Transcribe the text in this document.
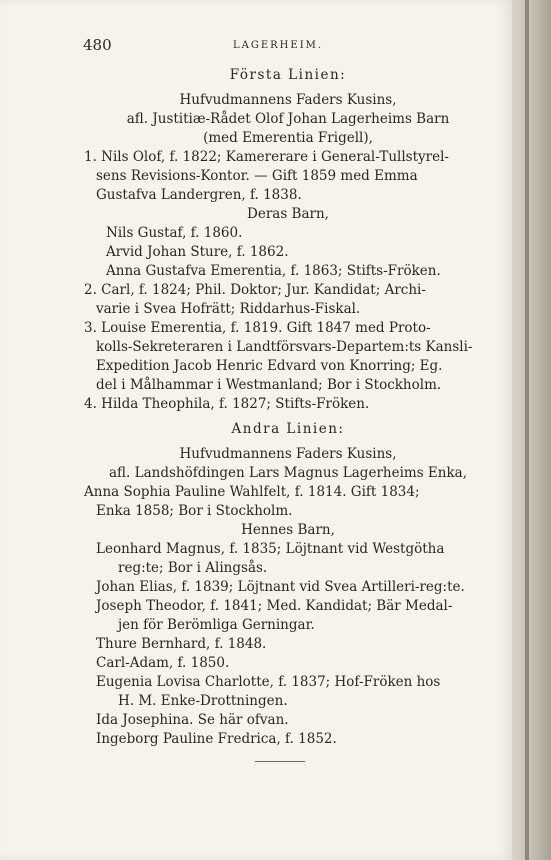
480	LAGERHEIM.
Första Linien:
Hufvudmannens Faders Kusins,
afl. Justitiæ-Rådet Olof Johan Lagerheims Barn
(med Emerentia Frigell),
1. Nils Olof, f. 1822; Kamererare i General-Tullstyrel-
sens Revisions-Kontor. — Gift 1859 med Emma
Gustafva Landergren, f. 1838.
Deras Barn,
Nils Gustaf, f. 1860.
Arvid Johan Sture, f. 1862.
Anna Gustafva Emerentia, f. 1863; Stifts-Fröken.
2. Carl, f. 1824; Phil. Doktor; Jur. Kandidat; Archi-
varie i Svea Hofrätt; Riddarhus-Fiskal.
3. Louise Emerentia, f. 1819. Gift 1847 med Proto-
kolls-Sekreteraren i Landtförsvars-Departem:ts Kansli-
Expedition Jacob Henric Edvard von Knorring; Eg.
del i Målhammar i Westmanland; Bor i Stockholm.
4. Hilda Theophila, f. 1827; Stifts-Fröken.
Andra Linien:
Hufvudmannens Faders Kusins,
afl. Landshöfdingen Lars Magnus Lagerheims Enka,
Anna Sophia Pauline Wahlfelt, f. 1814. Gift 1834;
Enka 1858; Bor i Stockholm.
Hennes Barn,
Leonhard Magnus, f. 1835; Löjtnant vid Westgötha
reg:te; Bor i Alingsås.
Johan Elias, f. 1839; Löjtnant vid Svea Artilleri-reg:te.
Joseph Theodor, f. 1841; Med. Kandidat; Bär Medal-
jen för Berömliga Gerningar.
Thure Bernhard, f. 1848.
Carl-Adam, f. 1850.
Eugenia Lovisa Charlotte, f. 1837; Hof-Fröken hos
H. M. Enke-Drottningen.
Ida Josephina. Se här ofvan.
Ingeborg Pauline Fredrica, f. 1852.
